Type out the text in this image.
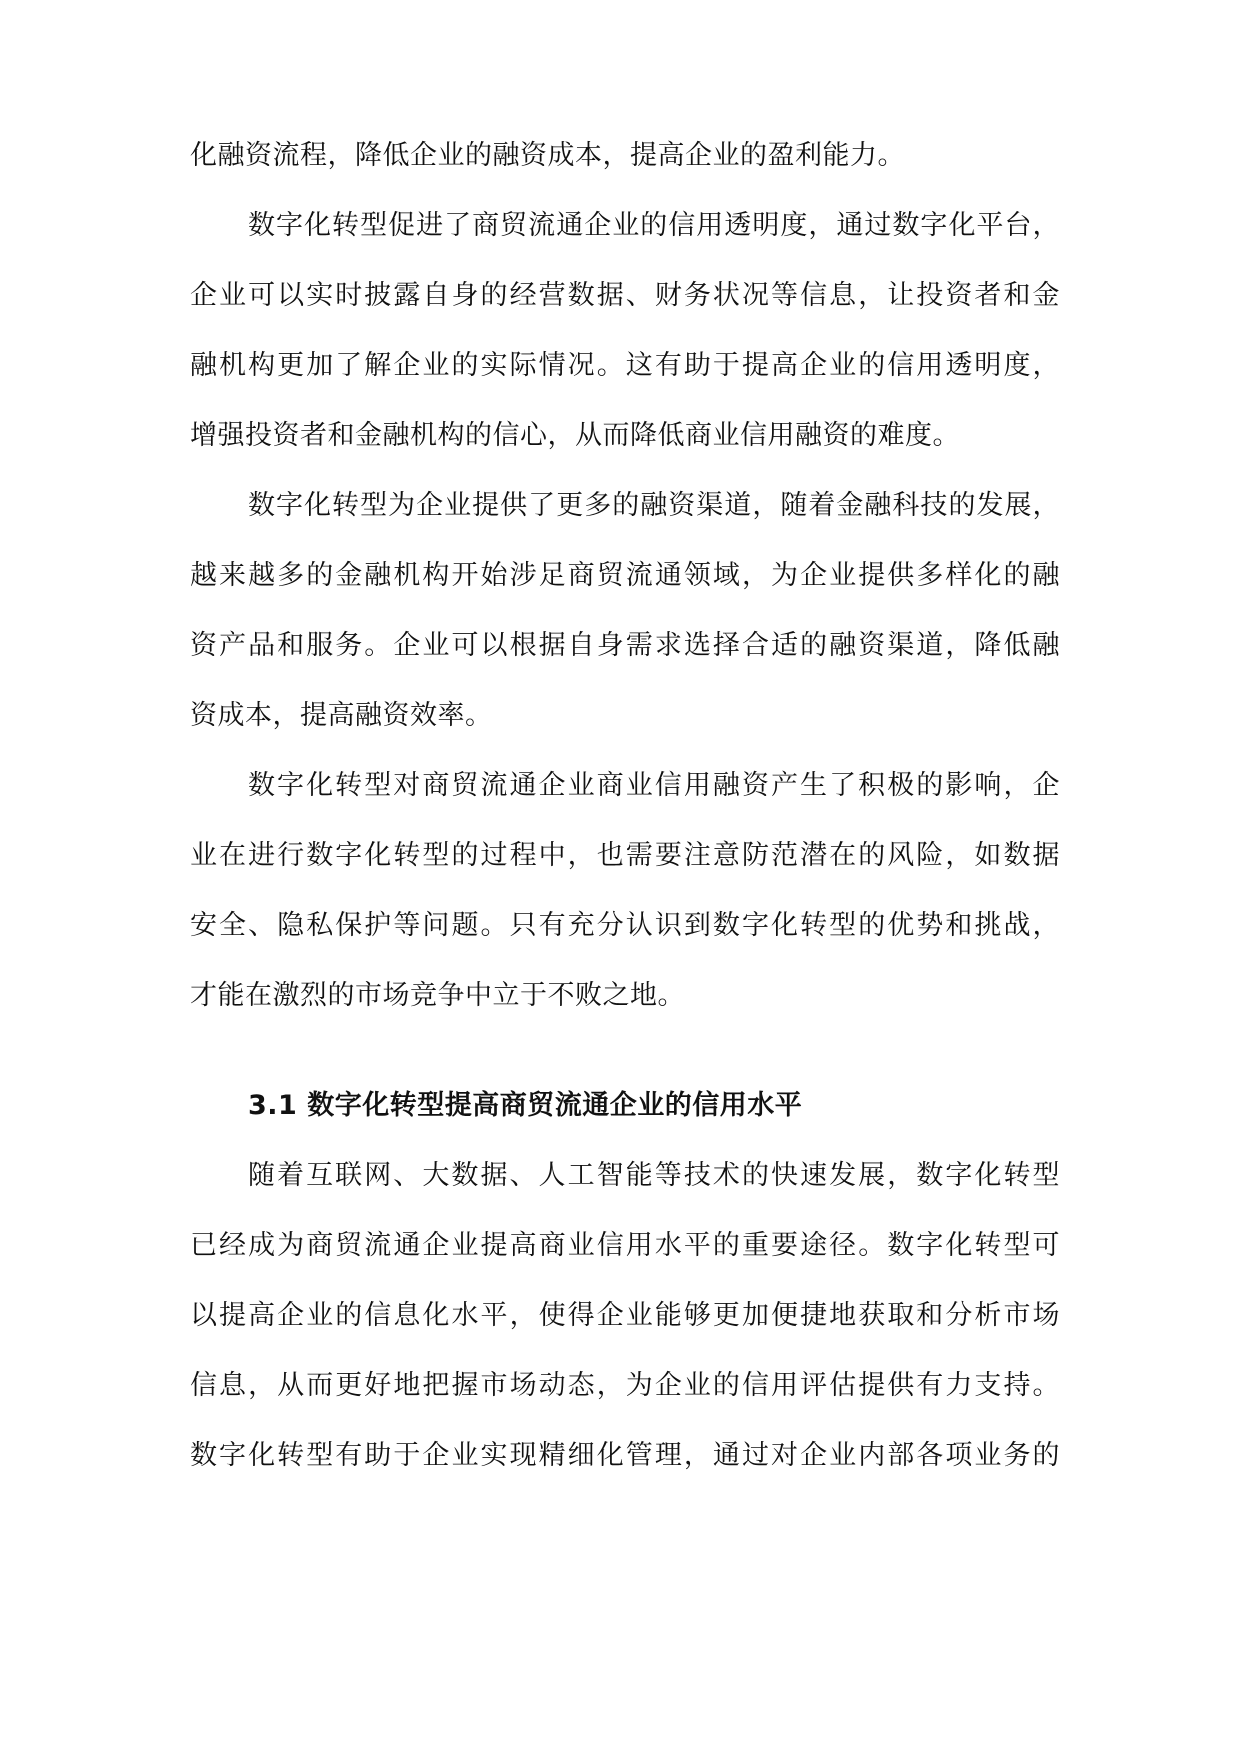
化融资流程，降低企业的融资成本，提高企业的盈利能力。

数字化转型促进了商贸流通企业的信用透明度，通过数字化平台，

企业可以实时披露自身的经营数据、财务状况等信息，让投资者和金

融机构更加了解企业的实际情况。这有助于提高企业的信用透明度，

增强投资者和金融机构的信心，从而降低商业信用融资的难度。

数字化转型为企业提供了更多的融资渠道，随着金融科技的发展，

越来越多的金融机构开始涉足商贸流通领域，为企业提供多样化的融

资产品和服务。企业可以根据自身需求选择合适的融资渠道，降低融

资成本，提高融资效率。

数字化转型对商贸流通企业商业信用融资产生了积极的影响，企

业在进行数字化转型的过程中，也需要注意防范潜在的风险，如数据

安全、隐私保护等问题。只有充分认识到数字化转型的优势和挑战，

才能在激烈的市场竞争中立于不败之地。

3.1 数字化转型提高商贸流通企业的信用水平

随着互联网、大数据、人工智能等技术的快速发展，数字化转型

已经成为商贸流通企业提高商业信用水平的重要途径。数字化转型可

以提高企业的信息化水平，使得企业能够更加便捷地获取和分析市场

信息，从而更好地把握市场动态，为企业的信用评估提供有力支持。

数字化转型有助于企业实现精细化管理，通过对企业内部各项业务的
